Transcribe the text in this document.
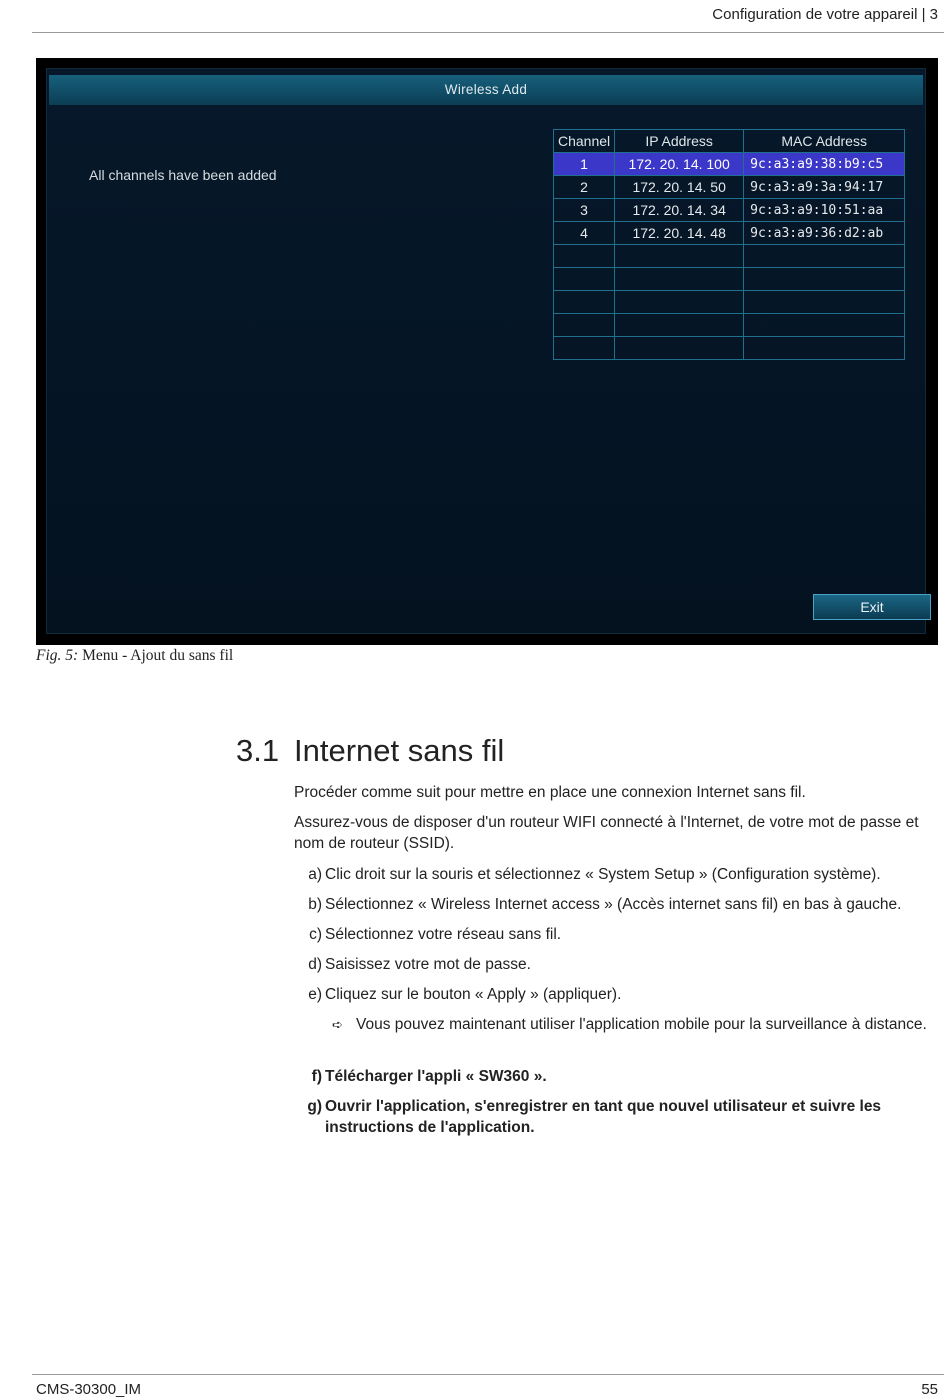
Configuration de votre appareil | 3
Wireless Add
All channels have been added
Channel	IP Address	MAC Address
1	172. 20. 14. 100	9c:a3:a9:38:b9:c5
2	172. 20. 14. 50	9c:a3:a9:3a:94:17
3	172. 20. 14. 34	9c:a3:a9:10:51:aa
4	172. 20. 14. 48	9c:a3:a9:36:d2:ab

Exit
Fig. 5: Menu - Ajout du sans fil
3.1 Internet sans fil
Procéder comme suit pour mettre en place une connexion Internet sans fil.
Assurez-vous de disposer d'un routeur WIFI connecté à l'Internet, de votre mot de passe et nom de routeur (SSID).
a) Clic droit sur la souris et sélectionnez « System Setup » (Configuration système).
b) Sélectionnez « Wireless Internet access » (Accès internet sans fil) en bas à gauche.
c) Sélectionnez votre réseau sans fil.
d) Saisissez votre mot de passe.
e) Cliquez sur le bouton « Apply » (appliquer).
➪ Vous pouvez maintenant utiliser l'application mobile pour la surveillance à distance.
f) Télécharger l'appli « SW360 ».
g) Ouvrir l'application, s'enregistrer en tant que nouvel utilisateur et suivre les instructions de l'application.
CMS-30300_IM	55
